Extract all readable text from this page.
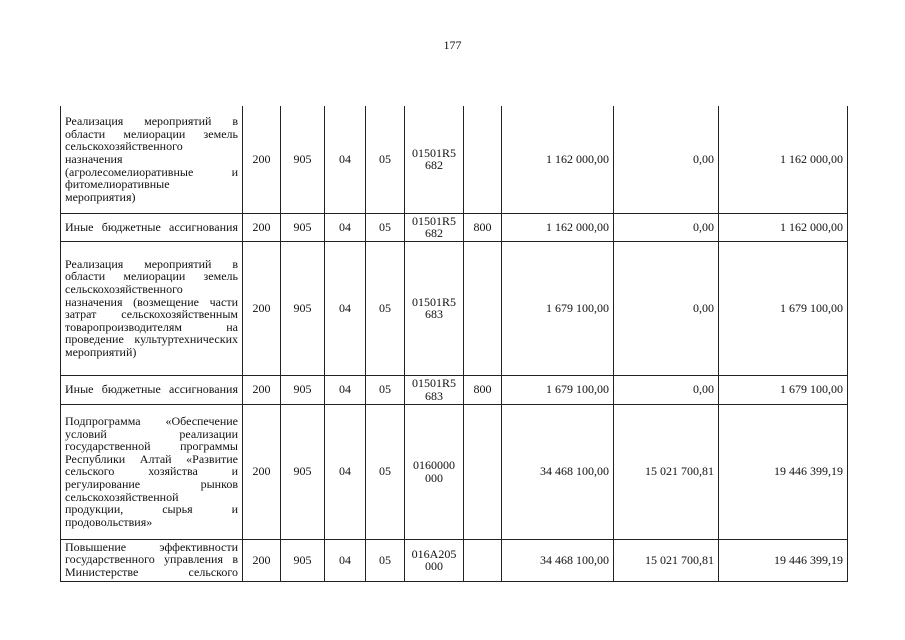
177
Реализация мероприятий в области мелиорации земель сельскохозяйственного назначения (агролесомелиоративные и фитомелиоративные мероприятия)	200	905	04	05	01501R5 682		1 162 000,00	0,00	1 162 000,00
Иные бюджетные ассигнования	200	905	04	05	01501R5 682	800	1 162 000,00	0,00	1 162 000,00
Реализация мероприятий в области мелиорации земель сельскохозяйственного назначения (возмещение части затрат сельскохозяйственным товаропроизводителям на проведение культуртехнических мероприятий)	200	905	04	05	01501R5 683		1 679 100,00	0,00	1 679 100,00
Иные бюджетные ассигнования	200	905	04	05	01501R5 683	800	1 679 100,00	0,00	1 679 100,00
Подпрограмма «Обеспечение условий реализации государственной программы Республики Алтай «Развитие сельского хозяйства и регулирование рынков сельскохозяйственной продукции, сырья и продовольствия»	200	905	04	05	0160000 000		34 468 100,00	15 021 700,81	19 446 399,19
Повышение эффективности государственного управления в Министерстве сельского	200	905	04	05	016А205 000		34 468 100,00	15 021 700,81	19 446 399,19
